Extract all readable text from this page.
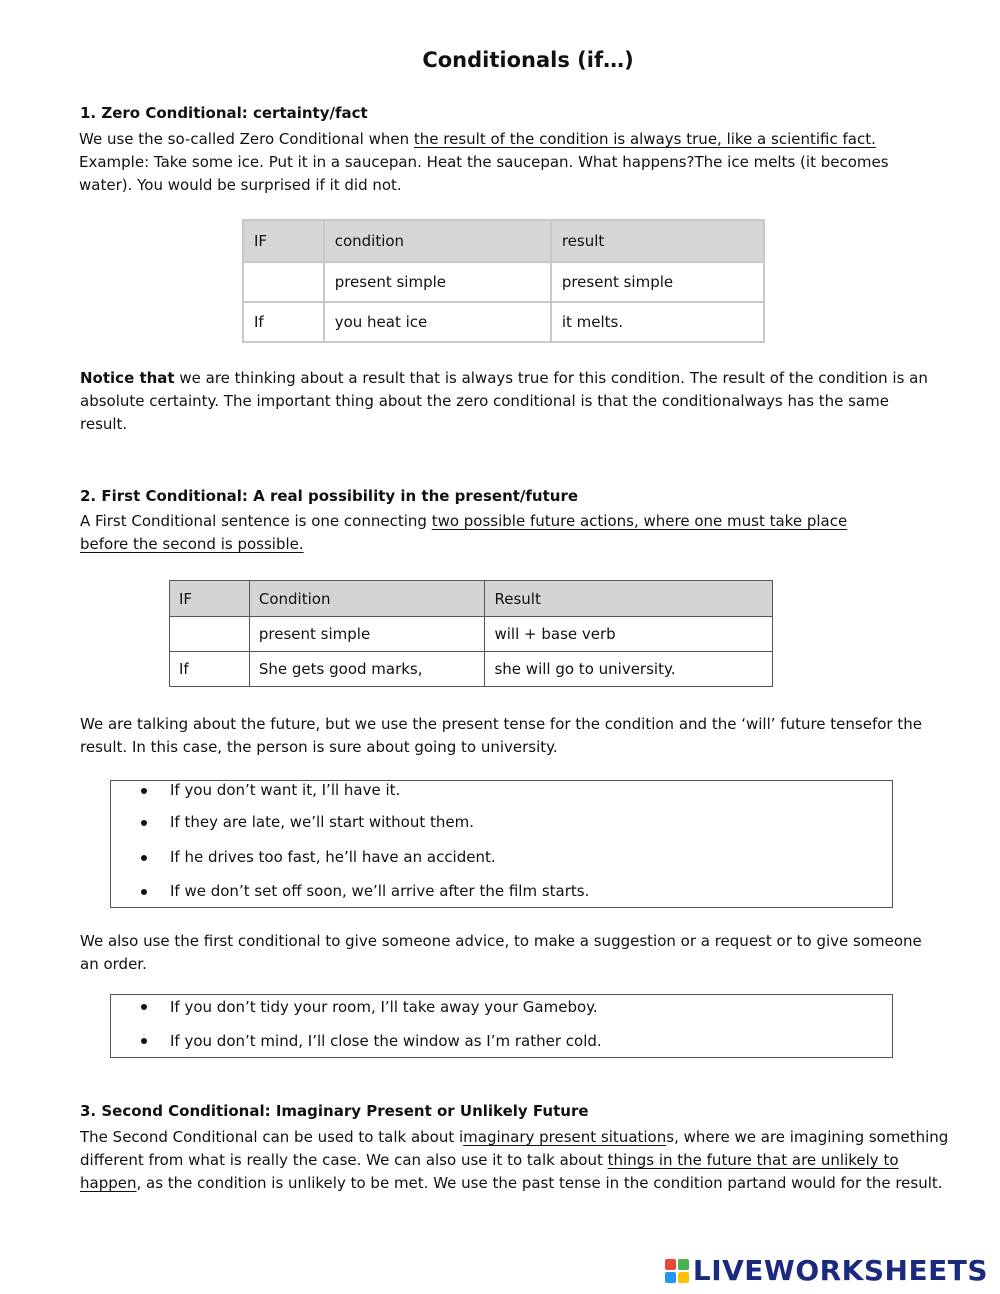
Conditionals (if…)
1. Zero Conditional: certainty/fact
We use the so-called Zero Conditional when the result of the condition is always true, like a scientific fact. Example: Take some ice. Put it in a saucepan. Heat the saucepan. What happens?The ice melts (it becomes water). You would be surprised if it did not.
IF	condition	result
	present simple	present simple
If	you heat ice	it melts.
Notice that we are thinking about a result that is always true for this condition. The result of the condition is an absolute certainty. The important thing about the zero conditional is that the conditionalways has the same result.
2. First Conditional: A real possibility in the present/future
A First Conditional sentence is one connecting two possible future actions, where one must take place before the second is possible.
IF	Condition	Result
	present simple	will + base verb
If	She gets good marks,	she will go to university.
We are talking about the future, but we use the present tense for the condition and the ‘will’ future tensefor the result. In this case, the person is sure about going to university.
If you don’t want it, I’ll have it.
If they are late, we’ll start without them.
If he drives too fast, he’ll have an accident.
If we don’t set off soon, we’ll arrive after the film starts.
We also use the first conditional to give someone advice, to make a suggestion or a request or to give someone an order.
If you don’t tidy your room, I’ll take away your Gameboy.
If you don’t mind, I’ll close the window as I’m rather cold.
3. Second Conditional: Imaginary Present or Unlikely Future
The Second Conditional can be used to talk about imaginary present situations, where we are imagining something different from what is really the case. We can also use it to talk about things in the future that are unlikely to happen, as the condition is unlikely to be met. We use the past tense in the condition partand would for the result.
LIVEWORKSHEETS
